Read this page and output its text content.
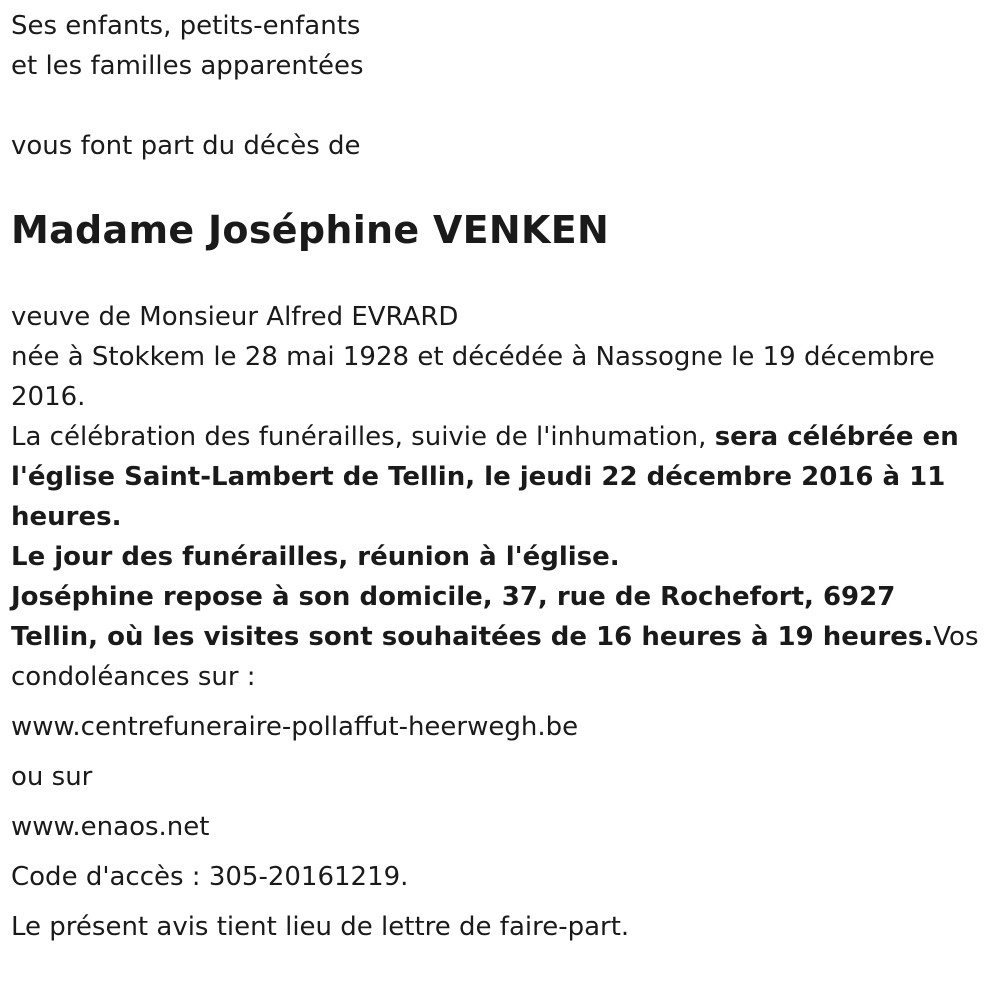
Ses enfants, petits-enfants

et les familles apparentées

vous font part du décès de

Madame Joséphine VENKEN

veuve de Monsieur Alfred EVRARD

née à Stokkem le 28 mai 1928 et décédée à Nassogne le 19 décembre 2016.

La célébration des funérailles, suivie de l'inhumation, sera célébrée en l'église Saint-Lambert de Tellin, le jeudi 22 décembre 2016 à 11 heures.

Le jour des funérailles, réunion à l'église.

Joséphine repose à son domicile, 37, rue de Rochefort, 6927 Tellin, où les visites sont souhaitées de 16 heures à 19 heures.Vos condoléances sur :

www.centrefuneraire-pollaffut-heerwegh.be

ou sur

www.enaos.net

Code d'accès : 305-20161219.

Le présent avis tient lieu de lettre de faire-part.
